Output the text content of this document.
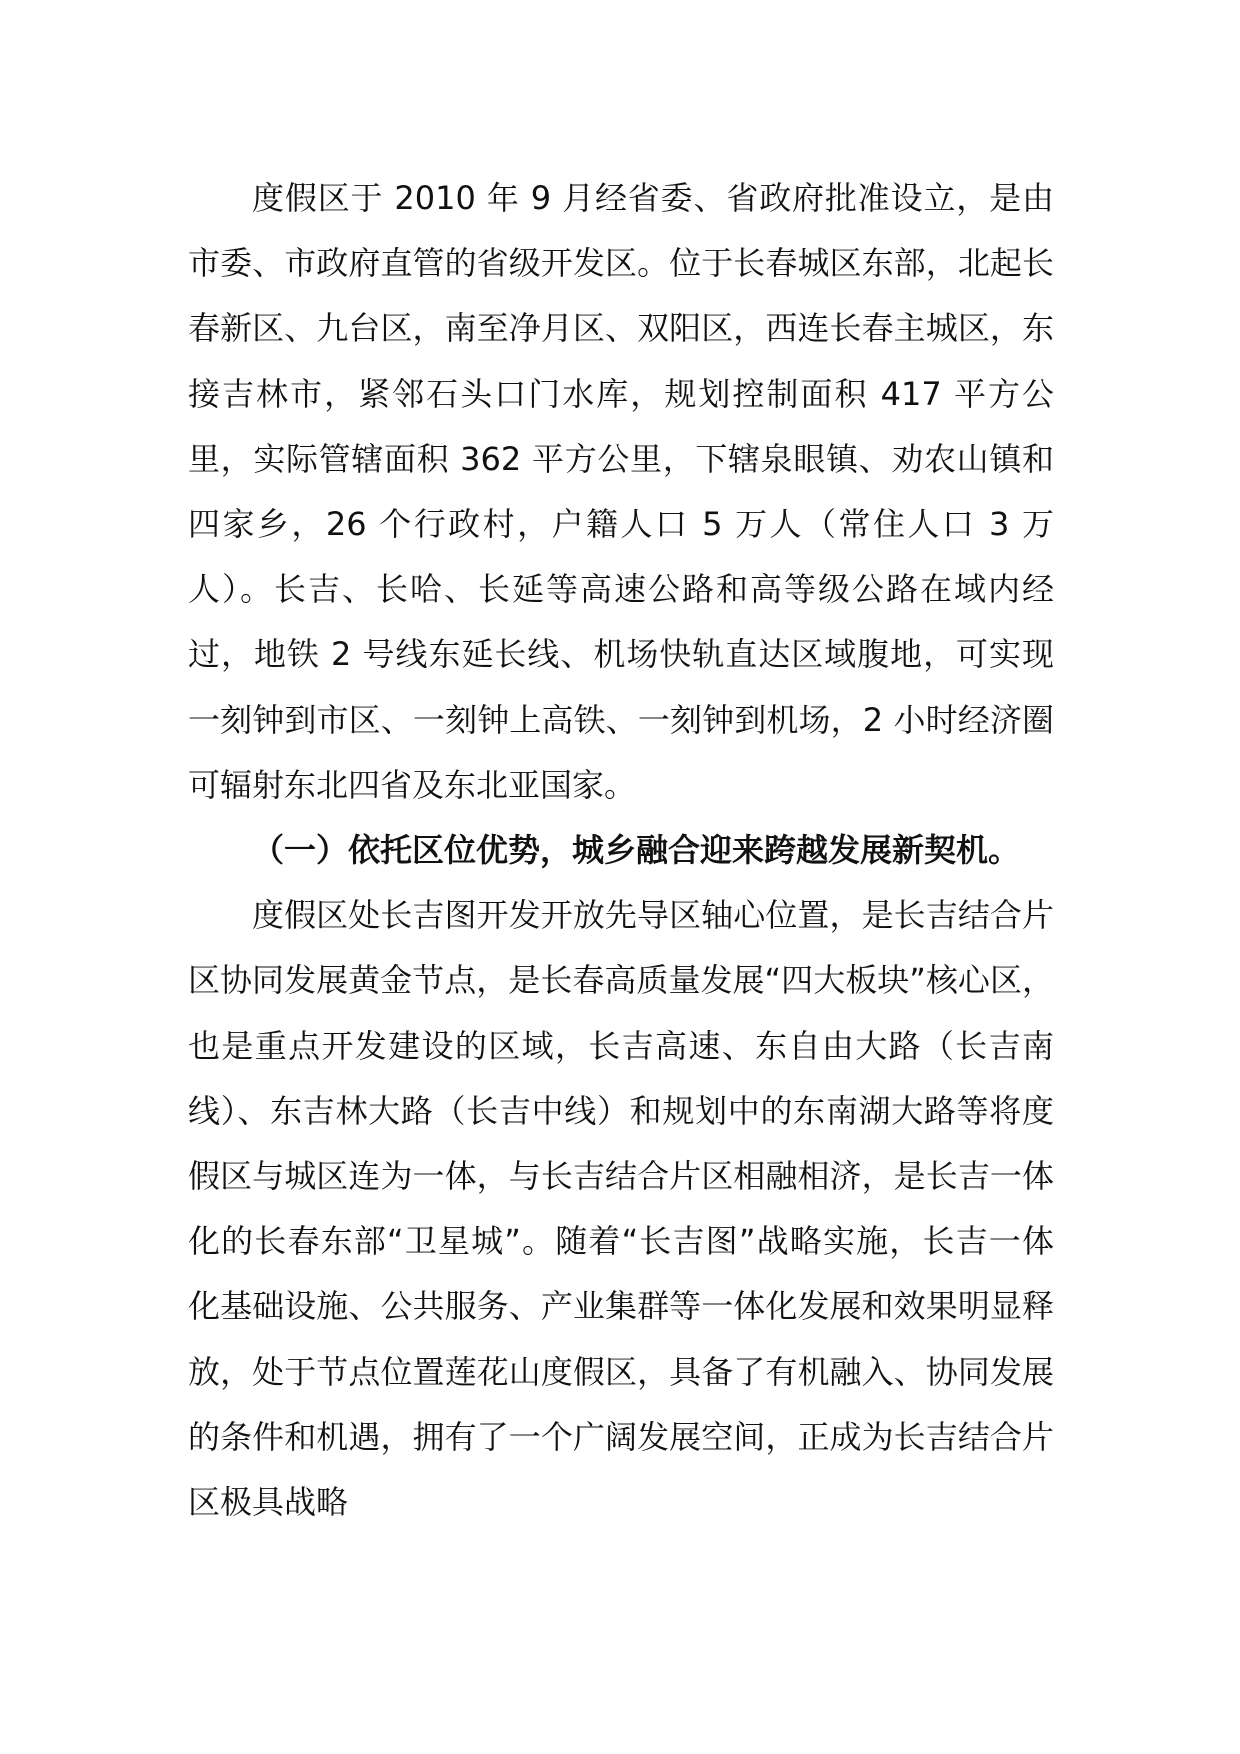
度假区于 2010 年 9 月经省委、省政府批准设立，是由市委、市政府直管的省级开发区。位于长春城区东部，北起长春新区、九台区，南至净月区、双阳区，西连长春主城区，东接吉林市，紧邻石头口门水库，规划控制面积 417 平方公里，实际管辖面积 362 平方公里，下辖泉眼镇、劝农山镇和四家乡，26 个行政村，户籍人口 5 万人（常住人口 3 万人）。长吉、长哈、长延等高速公路和高等级公路在域内经过，地铁 2 号线东延长线、机场快轨直达区域腹地，可实现一刻钟到市区、一刻钟上高铁、一刻钟到机场，2 小时经济圈可辐射东北四省及东北亚国家。

（一）依托区位优势，城乡融合迎来跨越发展新契机。

度假区处长吉图开发开放先导区轴心位置，是长吉结合片区协同发展黄金节点，是长春高质量发展“四大板块”核心区，也是重点开发建设的区域，长吉高速、东自由大路（长吉南线）、东吉林大路（长吉中线）和规划中的东南湖大路等将度假区与城区连为一体，与长吉结合片区相融相济，是长吉一体化的长春东部“卫星城”。随着“长吉图”战略实施，长吉一体化基础设施、公共服务、产业集群等一体化发展和效果明显释放，处于节点位置莲花山度假区，具备了有机融入、协同发展的条件和机遇，拥有了一个广阔发展空间，正成为长吉结合片区极具战略
